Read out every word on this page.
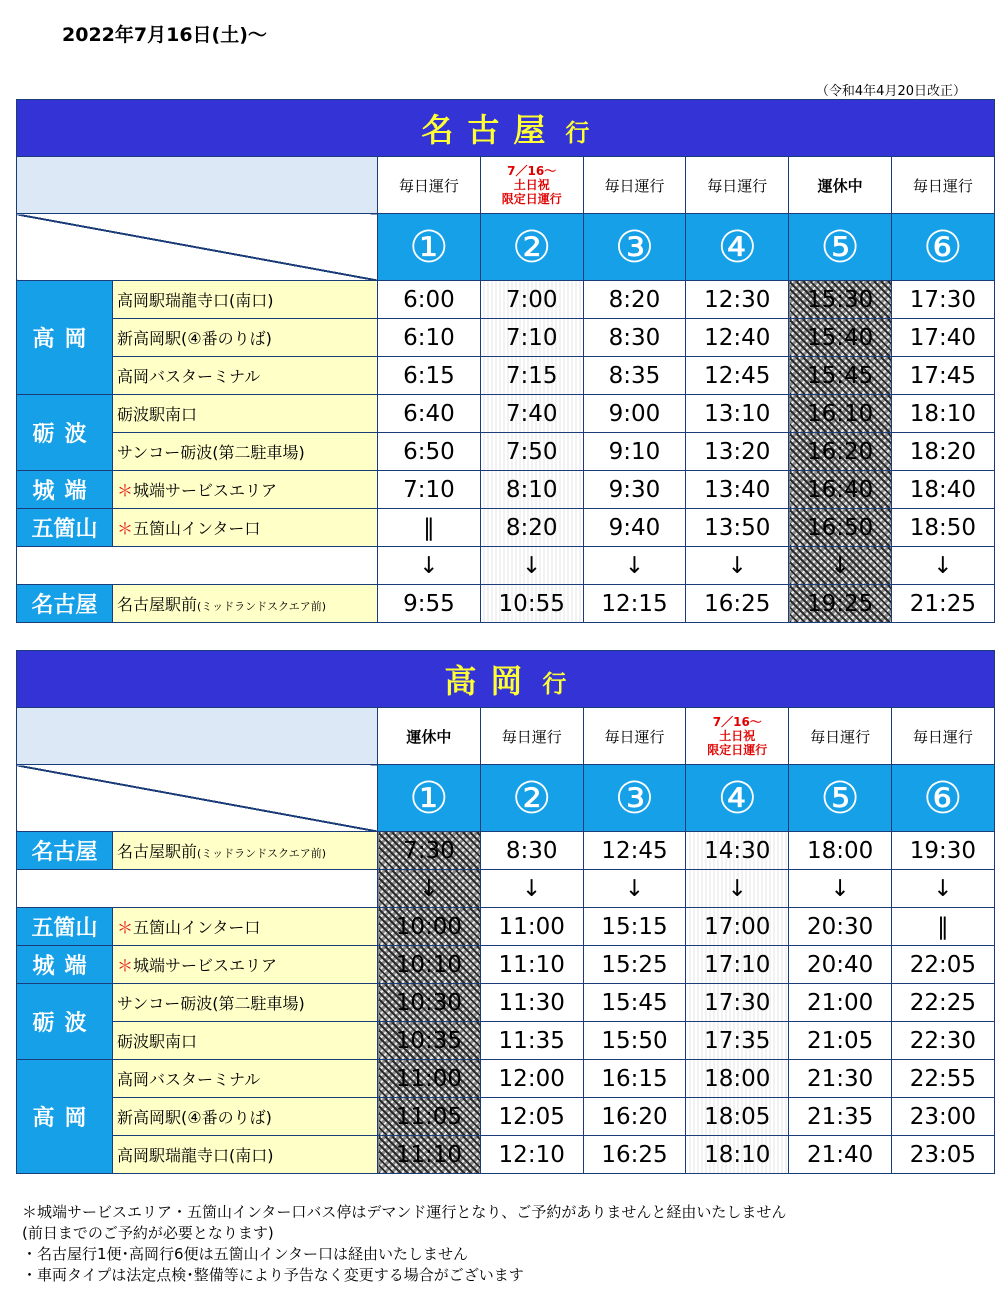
2022年7月16日(土)〜
（令和4年4月20日改正）
名古屋 行							
		毎日運行	7／16〜
土日祝
限定日運行	毎日運行	毎日運行	運休中	毎日運行
		①	②	③	④	⑤	⑥
高岡	高岡駅瑞龍寺口(南口)	6:00	7:00	8:20	12:30	15:30	17:30
	新高岡駅(④番のりば)	6:10	7:10	8:30	12:40	15:40	17:40
	高岡バスターミナル	6:15	7:15	8:35	12:45	15:45	17:45
砺波	砺波駅南口	6:40	7:40	9:00	13:10	16:10	18:10
	サンコー砺波(第二駐車場)	6:50	7:50	9:10	13:20	16:20	18:20
城端	＊城端サービスエリア	7:10	8:10	9:30	13:40	16:40	18:40
五箇山	＊五箇山インター口	‖	8:20	9:40	13:50	16:50	18:50
		↓	↓	↓	↓	↓	↓
名古屋	名古屋駅前(ミッドランドスクエア前)	9:55	10:55	12:15	16:25	19:25	21:25
高岡 行							
		運休中	毎日運行	毎日運行	7／16〜
土日祝
限定日運行	毎日運行	毎日運行
		①	②	③	④	⑤	⑥
名古屋	名古屋駅前(ミッドランドスクエア前)	7:30	8:30	12:45	14:30	18:00	19:30
		↓	↓	↓	↓	↓	↓
五箇山	＊五箇山インター口	10:00	11:00	15:15	17:00	20:30	‖
城端	＊城端サービスエリア	10:10	11:10	15:25	17:10	20:40	22:05
砺波	サンコー砺波(第二駐車場)	10:30	11:30	15:45	17:30	21:00	22:25
	砺波駅南口	10:35	11:35	15:50	17:35	21:05	22:30
高岡	高岡バスターミナル	11:00	12:00	16:15	18:00	21:30	22:55
	新高岡駅(④番のりば)	11:05	12:05	16:20	18:05	21:35	23:00
	高岡駅瑞龍寺口(南口)	11:10	12:10	16:25	18:10	21:40	23:05
＊城端サービスエリア・五箇山インター口バス停はデマンド運行となり、ご予約がありませんと経由いたしません
(前日までのご予約が必要となります)
・名古屋行1便･高岡行6便は五箇山インター口は経由いたしません
・車両タイプは法定点検･整備等により予告なく変更する場合がございます
